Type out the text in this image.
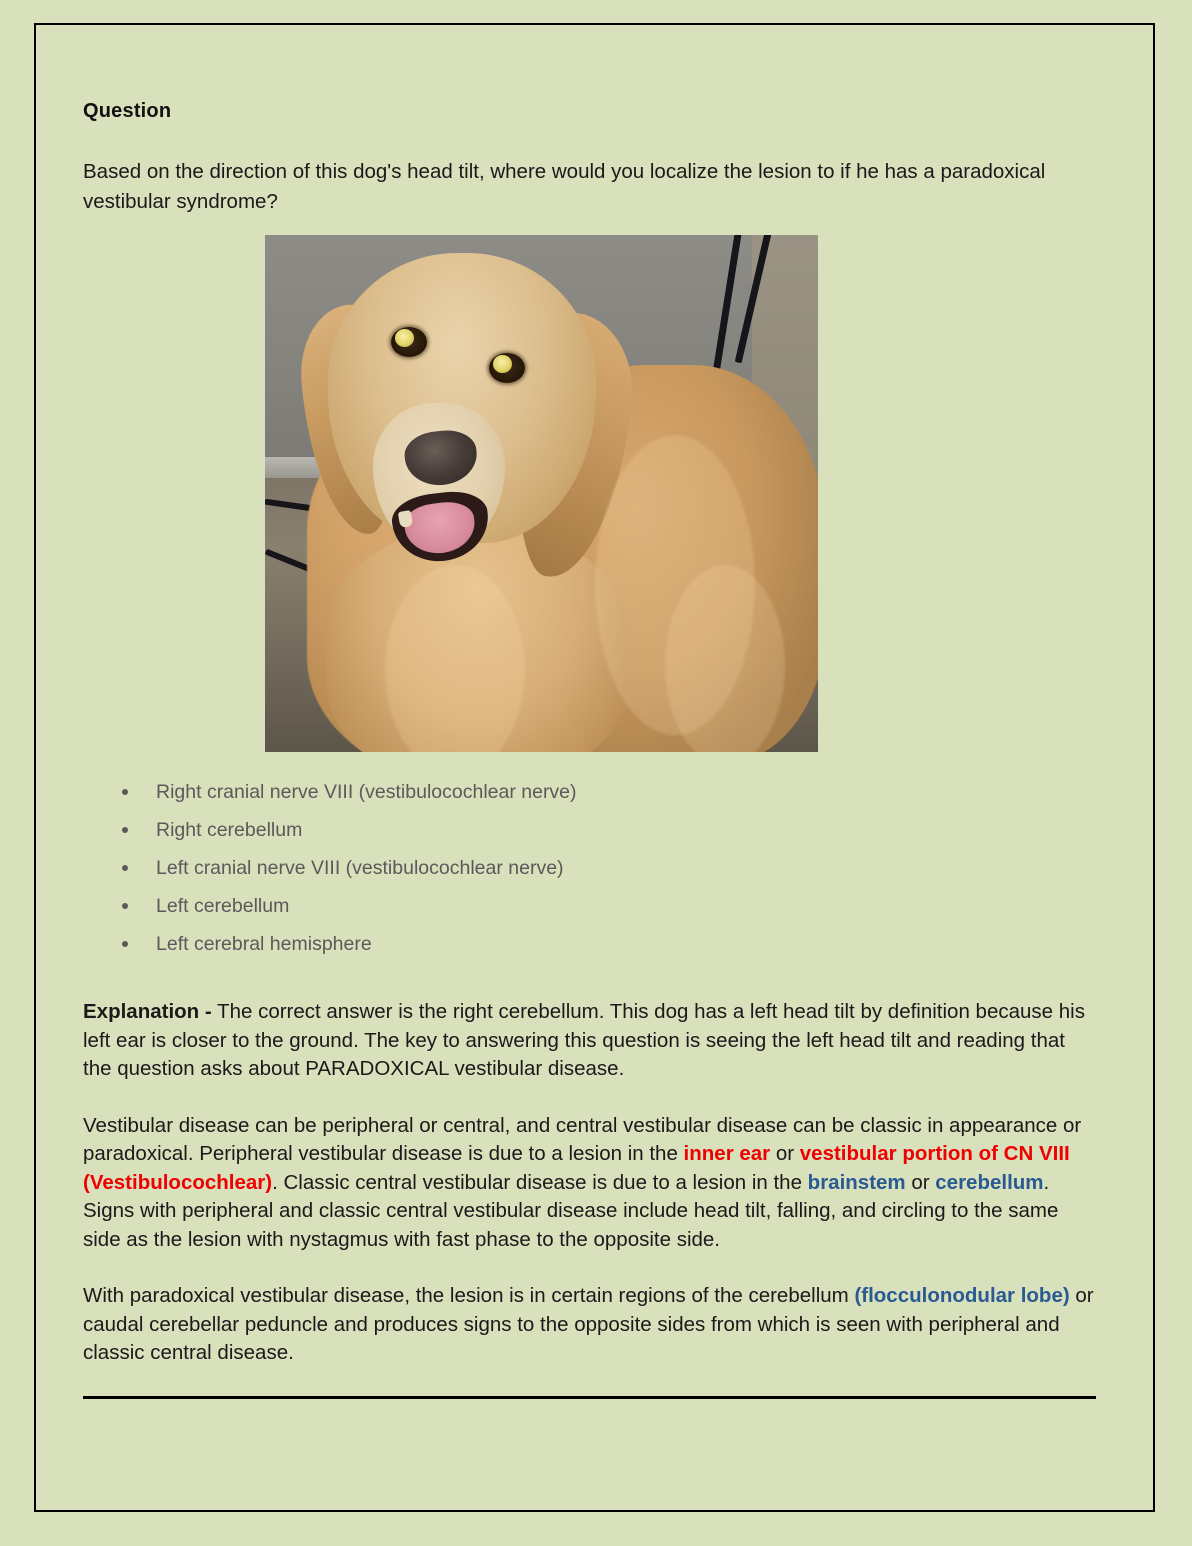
Question

Based on the direction of this dog's head tilt, where would you localize the lesion to if he has a paradoxical vestibular syndrome?

Right cranial nerve VIII (vestibulocochlear nerve)
Right cerebellum
Left cranial nerve VIII (vestibulocochlear nerve)
Left cerebellum
Left cerebral hemisphere

Explanation - The correct answer is the right cerebellum. This dog has a left head tilt by definition because his left ear is closer to the ground. The key to answering this question is seeing the left head tilt and reading that the question asks about PARADOXICAL vestibular disease.

Vestibular disease can be peripheral or central, and central vestibular disease can be classic in appearance or paradoxical. Peripheral vestibular disease is due to a lesion in the inner ear or vestibular portion of CN VIII (Vestibulocochlear). Classic central vestibular disease is due to a lesion in the brainstem or cerebellum. Signs with peripheral and classic central vestibular disease include head tilt, falling, and circling to the same side as the lesion with nystagmus with fast phase to the opposite side.

With paradoxical vestibular disease, the lesion is in certain regions of the cerebellum (flocculonodular lobe) or caudal cerebellar peduncle and produces signs to the opposite sides from which is seen with peripheral and classic central disease.
